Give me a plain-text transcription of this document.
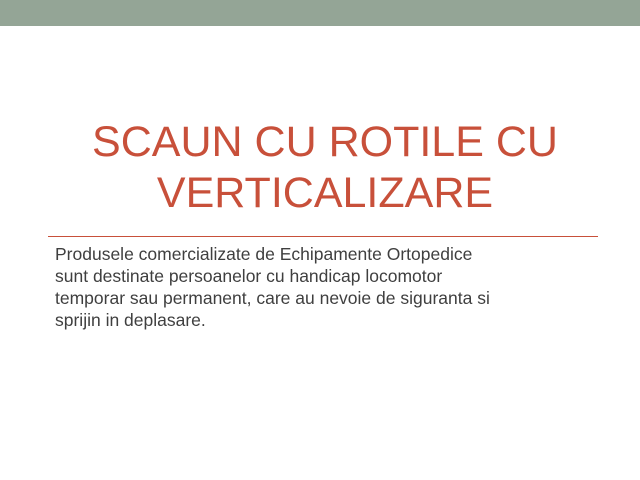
SCAUN CU ROTILE CU VERTICALIZARE

Produsele comercializate de Echipamente Ortopedice sunt destinate persoanelor cu handicap locomotor temporar sau permanent, care au nevoie de siguranta si sprijin in deplasare.
